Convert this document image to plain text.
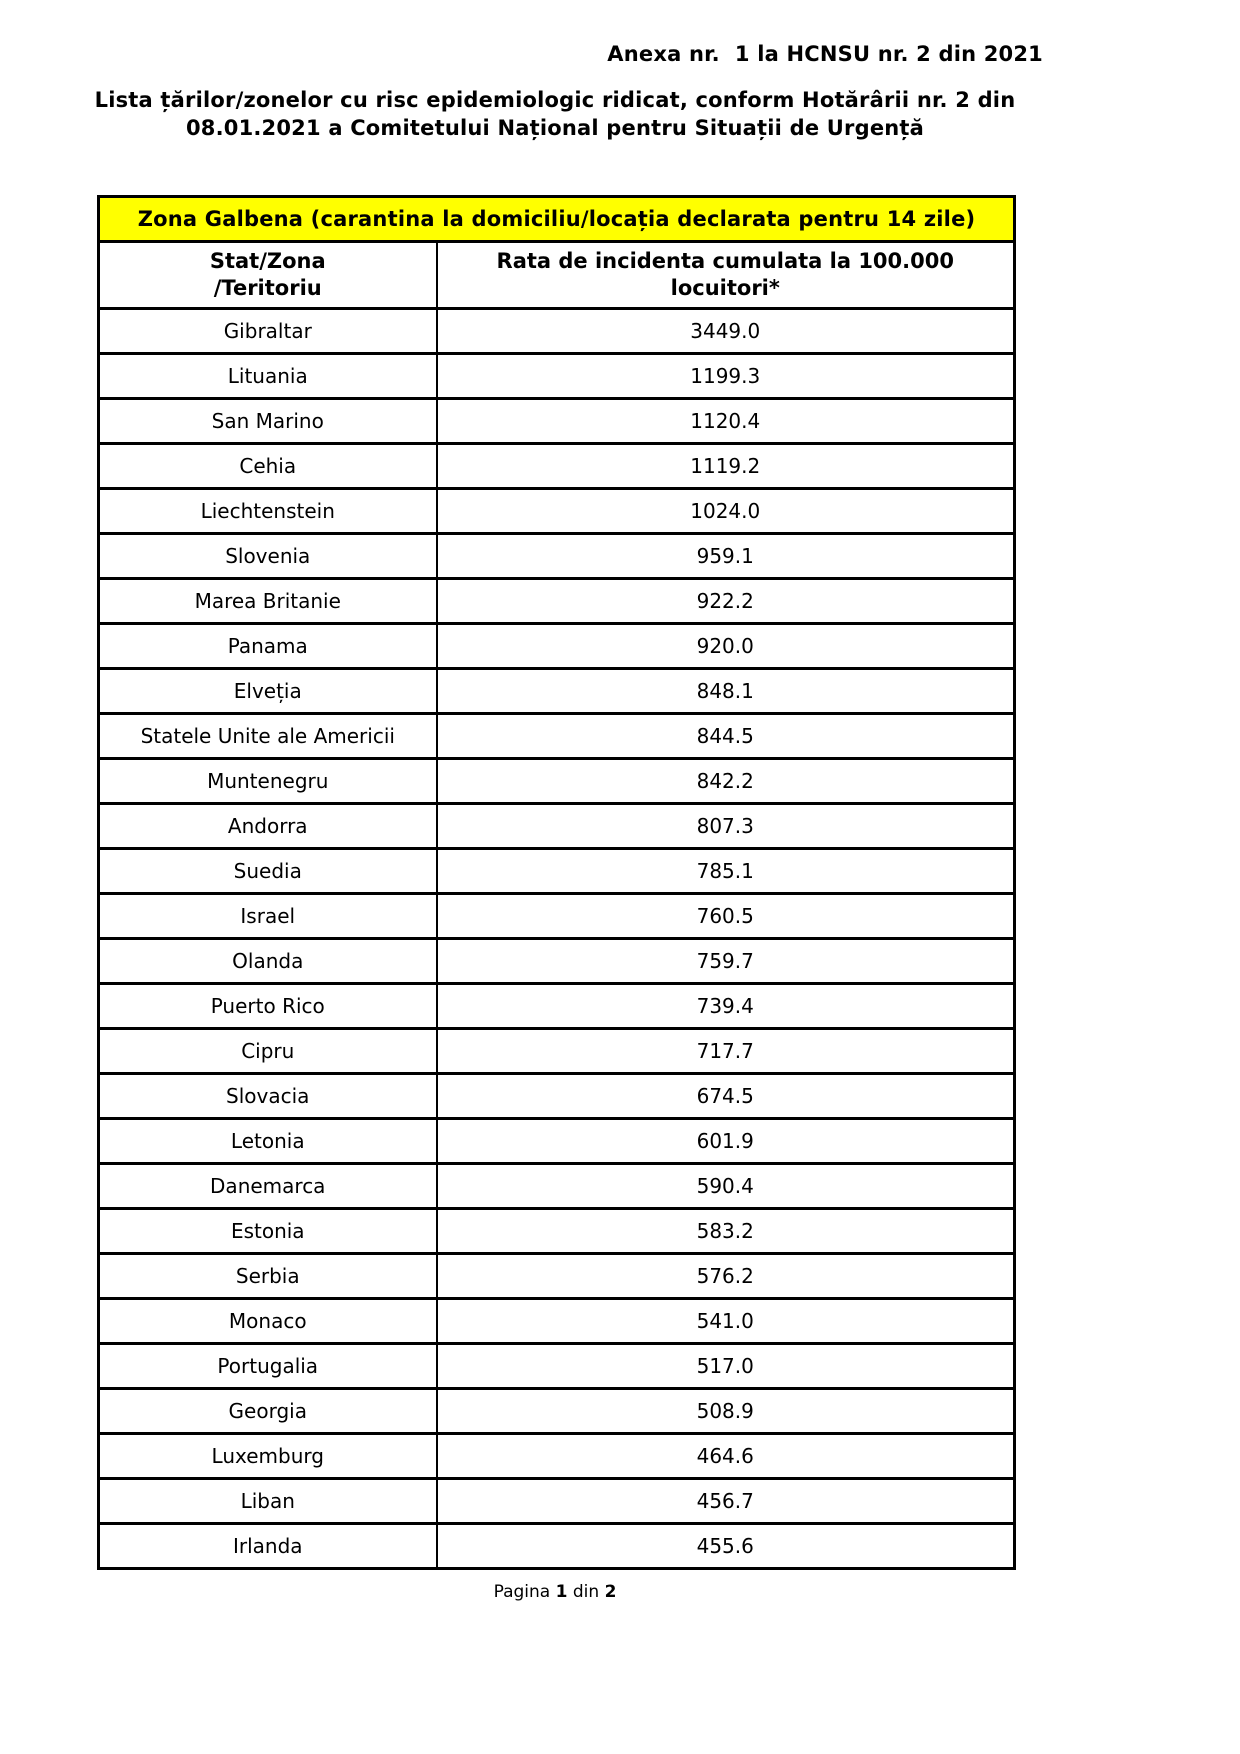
Anexa nr.  1 la HCNSU nr. 2 din 2021
Lista țărilor/zonelor cu risc epidemiologic ridicat, conform Hotărârii nr. 2 din
08.01.2021 a Comitetului Național pentru Situații de Urgență
Zona Galbena (carantina la domiciliu/locația declarata pentru 14 zile)	

Stat/Zona
/Teritoriu	Rata de incidenta cumulata la 100.000
locuitori*

Gibraltar	3449.0
Lituania	1199.3
San Marino	1120.4
Cehia	1119.2
Liechtenstein	1024.0
Slovenia	959.1
Marea Britanie	922.2
Panama	920.0
Elveția	848.1
Statele Unite ale Americii	844.5
Muntenegru	842.2
Andorra	807.3
Suedia	785.1
Israel	760.5
Olanda	759.7
Puerto Rico	739.4
Cipru	717.7
Slovacia	674.5
Letonia	601.9
Danemarca	590.4
Estonia	583.2
Serbia	576.2
Monaco	541.0
Portugalia	517.0
Georgia	508.9
Luxemburg	464.6
Liban	456.7
Irlanda	455.6
Pagina 1 din 2
